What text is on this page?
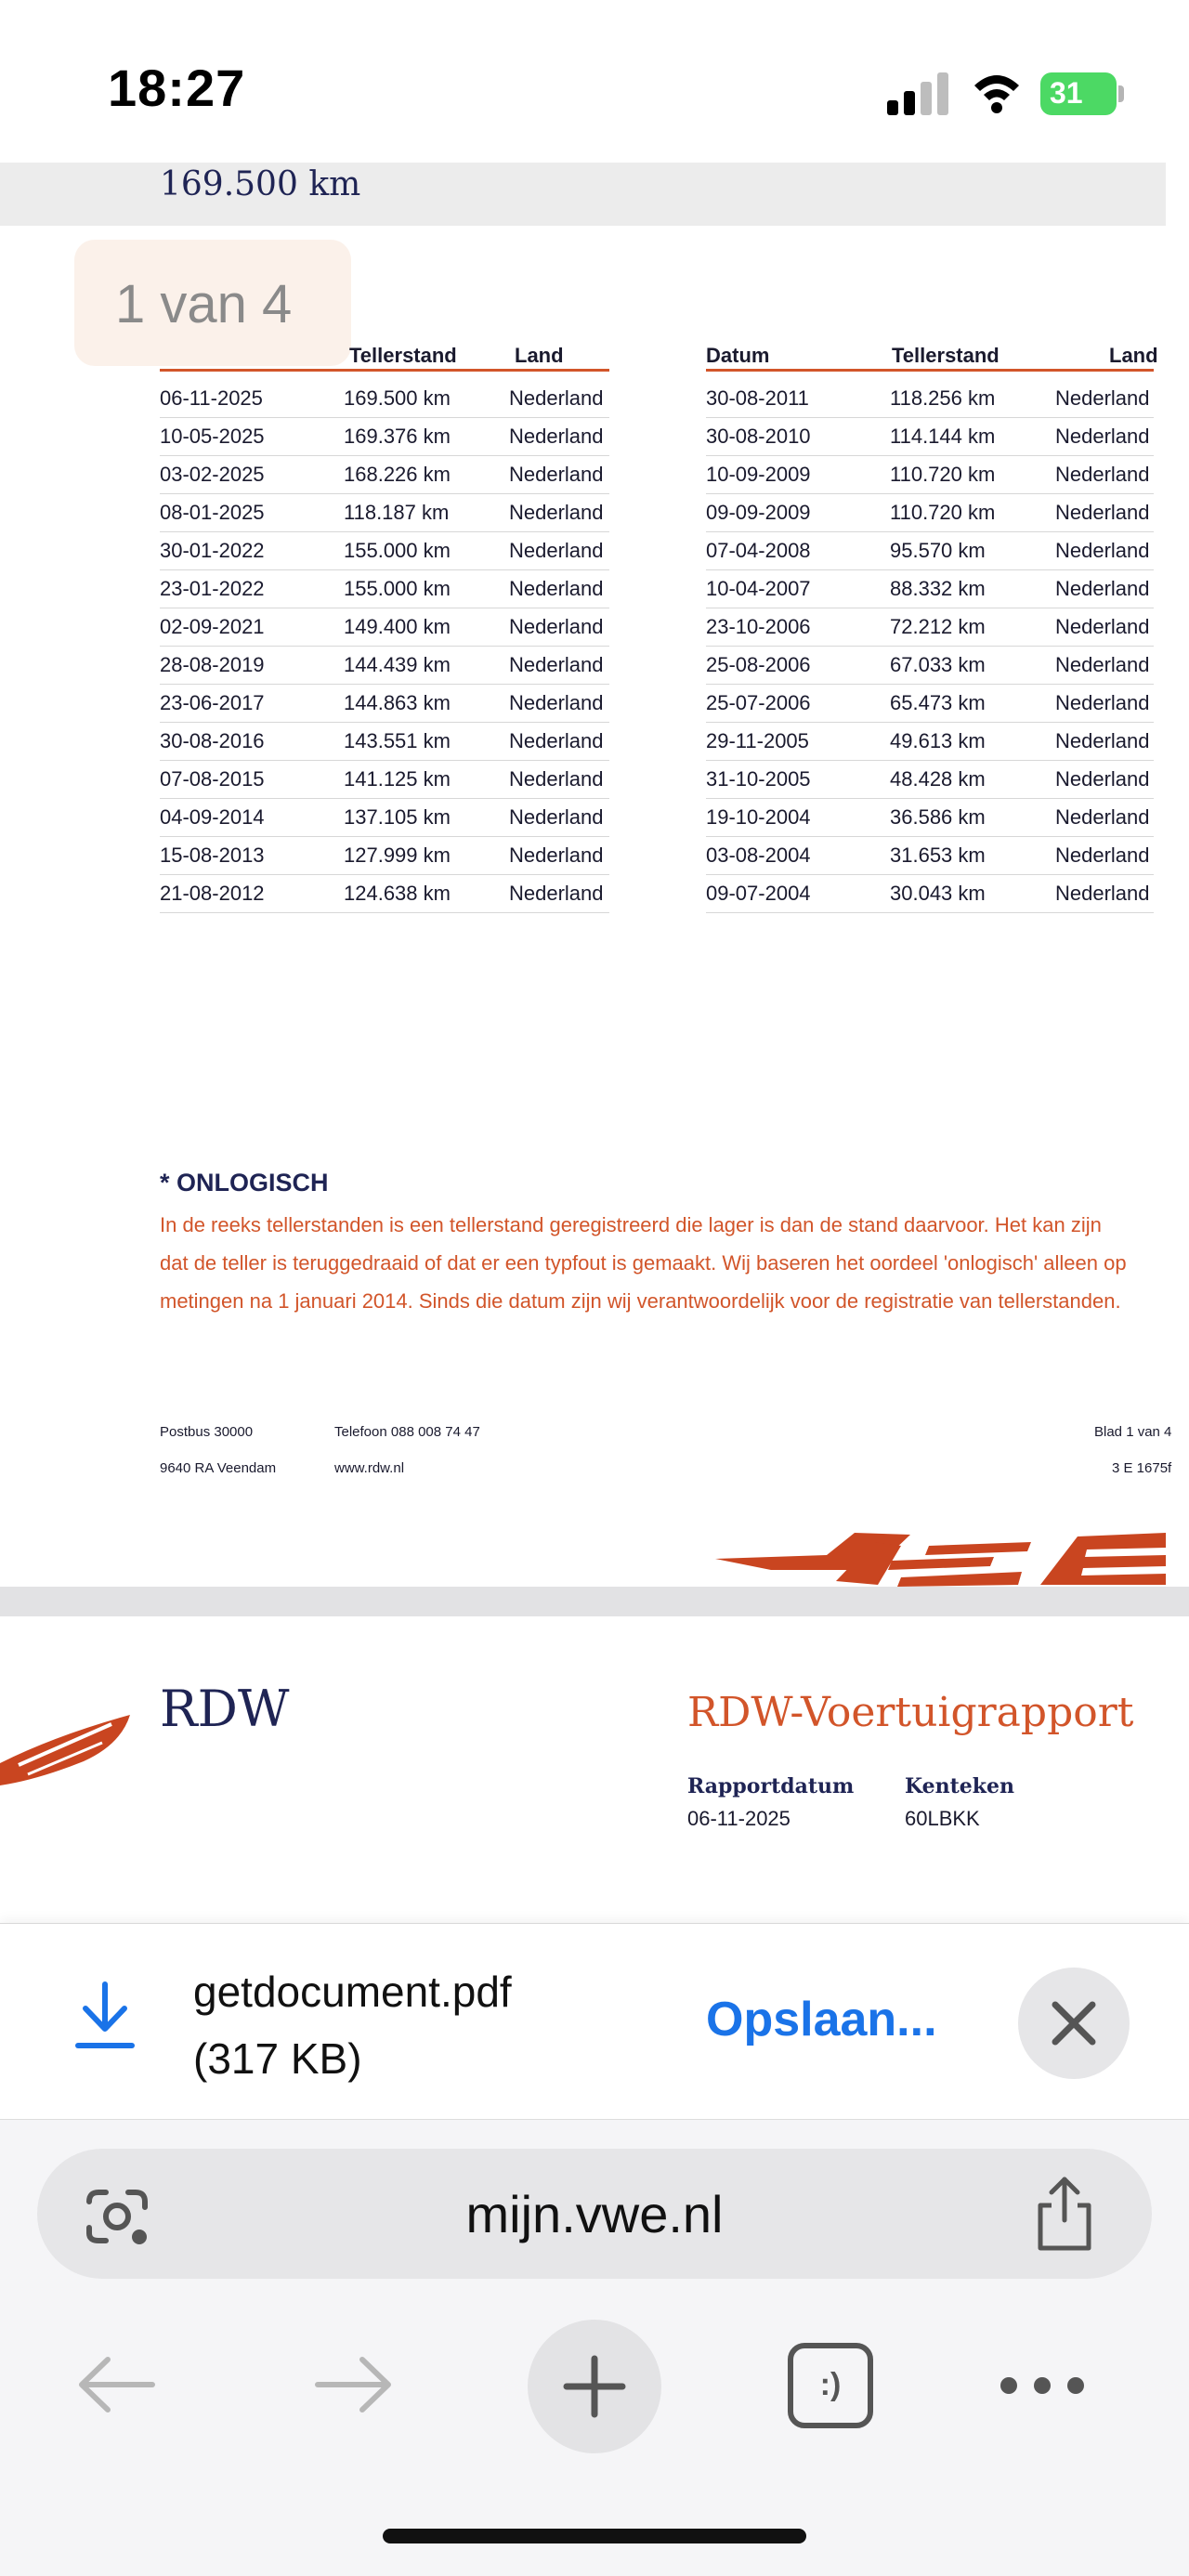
18:27	31
169.500 km
1 van 4
Tellerstand	Land
06-11-2025	169.500 km	Nederland
10-05-2025	169.376 km	Nederland
03-02-2025	168.226 km	Nederland
08-01-2025	118.187 km	Nederland
30-01-2022	155.000 km	Nederland
23-01-2022	155.000 km	Nederland
02-09-2021	149.400 km	Nederland
28-08-2019	144.439 km	Nederland
23-06-2017	144.863 km	Nederland
30-08-2016	143.551 km	Nederland
07-08-2015	141.125 km	Nederland
04-09-2014	137.105 km	Nederland
15-08-2013	127.999 km	Nederland
21-08-2012	124.638 km	Nederland
Datum	Tellerstand	Land
30-08-2011	118.256 km	Nederland
30-08-2010	114.144 km	Nederland
10-09-2009	110.720 km	Nederland
09-09-2009	110.720 km	Nederland
07-04-2008	95.570 km	Nederland
10-04-2007	88.332 km	Nederland
23-10-2006	72.212 km	Nederland
25-08-2006	67.033 km	Nederland
25-07-2006	65.473 km	Nederland
29-11-2005	49.613 km	Nederland
31-10-2005	48.428 km	Nederland
19-10-2004	36.586 km	Nederland
03-08-2004	31.653 km	Nederland
09-07-2004	30.043 km	Nederland
* ONLOGISCH
In de reeks tellerstanden is een tellerstand geregistreerd die lager is dan de stand daarvoor. Het kan zijn
dat de teller is teruggedraaid of dat er een typfout is gemaakt. Wij baseren het oordeel 'onlogisch' alleen op
metingen na 1 januari 2014. Sinds die datum zijn wij verantwoordelijk voor de registratie van tellerstanden.
Postbus 30000
9640 RA Veendam
Telefoon 088 008 74 47
www.rdw.nl
Blad 1 van 4
3 E 1675f
RDW	RDW-Voertuigrapport
Rapportdatum
06-11-2025
Kenteken
60LBKK
getdocument.pdf
(317 KB)
Opslaan...
mijn.vwe.nl
:)
